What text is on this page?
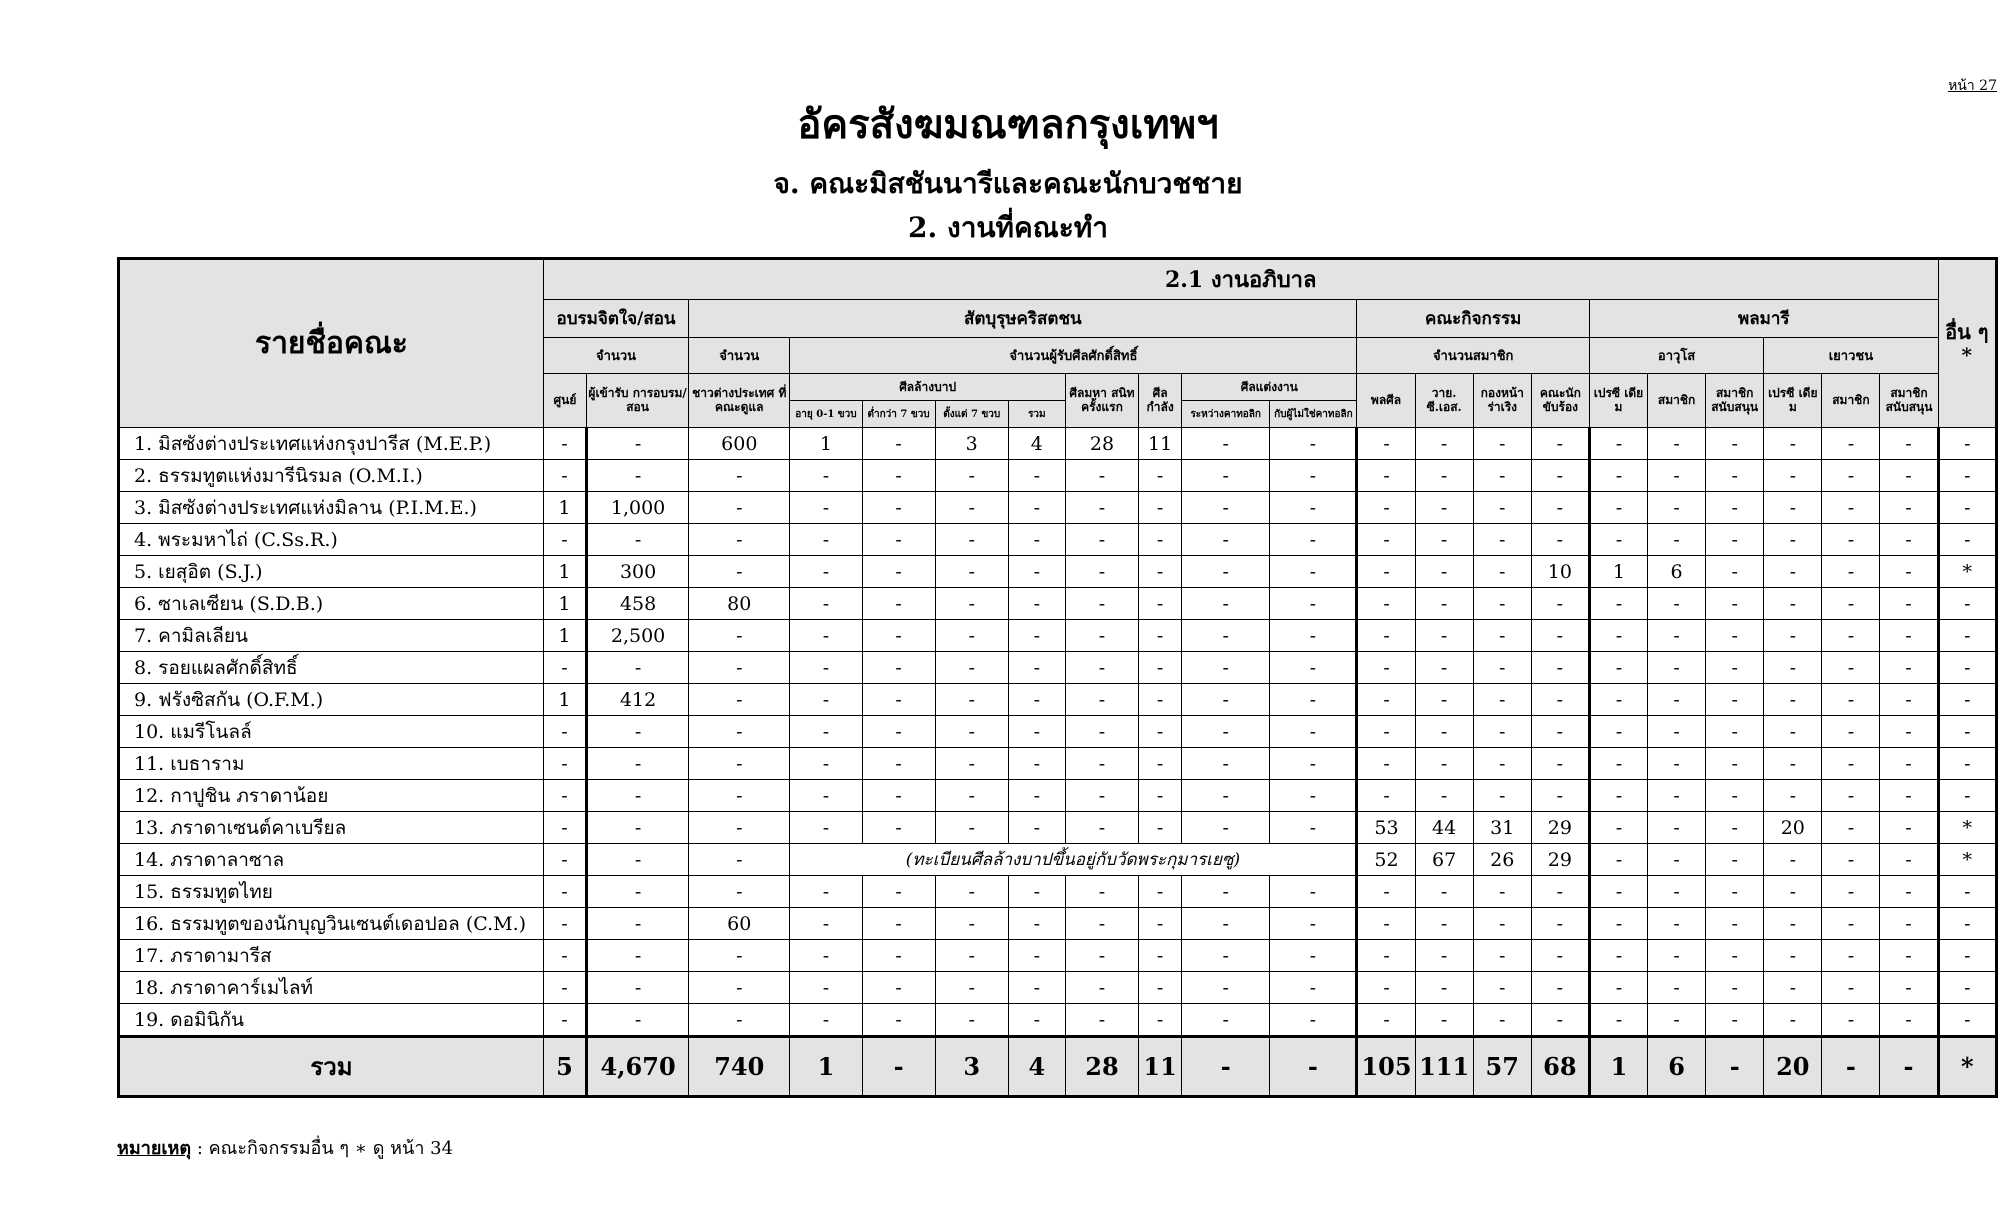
หน้า 27
อัครสังฆมณฑลกรุงเทพฯ
จ. คณะมิสชันนารีและคณะนักบวชชาย
2. งานที่คณะทำ
รายชื่อคณะ	2.1 งานอภิบาล																					อื่น ๆ *
	อบรมจิตใจ/สอน		สัตบุรุษคริสตชน									คณะกิจกรรม				พลมารี						
	จำนวน		จำนวน	จำนวนผู้รับศีลศักดิ์สิทธิ์								จำนวนสมาชิก				อาวุโส			เยาวชน			
	ศูนย์	ผู้เข้ารับ การอบรม/สอน	ชาวต่างประเทศ ที่คณะดูแล	ศีลล้างบาป				ศีลมหา สนิท ครั้งแรก	ศีล กำลัง	ศีลแต่งงาน		พลศีล	วาย. ซี.เอส.	กองหน้า ร่าเริง	คณะนัก ขับร้อง	เปรซี เดียม	สมาชิก	สมาชิก สนับสนุน	เปรซี เดียม	สมาชิก	สมาชิก สนับสนุน	
				อายุ 0-1 ขวบ	ต่ำกว่า 7 ขวบ	ตั้งแต่ 7 ขวบ	รวม			ระหว่างคาทอลิก	กับผู้ไม่ใช่คาทอลิก											
1. มิสซังต่างประเทศแห่งกรุงปารีส (M.E.P.)	-	-	600	1	-	3	4	28	11	-	-	-	-	-	-	-	-	-	-	-	-	-
2. ธรรมทูตแห่งมารีนิรมล (O.M.I.)	-	-	-	-	-	-	-	-	-	-	-	-	-	-	-	-	-	-	-	-	-	-
3. มิสซังต่างประเทศแห่งมิลาน (P.I.M.E.)	1	1,000	-	-	-	-	-	-	-	-	-	-	-	-	-	-	-	-	-	-	-	-
4. พระมหาไถ่ (C.Ss.R.)	-	-	-	-	-	-	-	-	-	-	-	-	-	-	-	-	-	-	-	-	-	-
5. เยสุอิต (S.J.)	1	300	-	-	-	-	-	-	-	-	-	-	-	-	10	1	6	-	-	-	-	*
6. ซาเลเซียน (S.D.B.)	1	458	80	-	-	-	-	-	-	-	-	-	-	-	-	-	-	-	-	-	-	-
7. คามิลเลียน	1	2,500	-	-	-	-	-	-	-	-	-	-	-	-	-	-	-	-	-	-	-	-
8. รอยแผลศักดิ์สิทธิ์	-	-	-	-	-	-	-	-	-	-	-	-	-	-	-	-	-	-	-	-	-	-
9. ฟรังซิสกัน (O.F.M.)	1	412	-	-	-	-	-	-	-	-	-	-	-	-	-	-	-	-	-	-	-	-
10. แมรีโนลล์	-	-	-	-	-	-	-	-	-	-	-	-	-	-	-	-	-	-	-	-	-	-
11. เบธาราม	-	-	-	-	-	-	-	-	-	-	-	-	-	-	-	-	-	-	-	-	-	-
12. กาปูชิน ภราดาน้อย	-	-	-	-	-	-	-	-	-	-	-	-	-	-	-	-	-	-	-	-	-	-
13. ภราดาเซนต์คาเบรียล	-	-	-	-	-	-	-	-	-	-	-	53	44	31	29	-	-	-	20	-	-	*
14. ภราดาลาซาล	-	-	-	(ทะเบียนศีลล้างบาปขึ้นอยู่กับวัดพระกุมารเยซู)								52	67	26	29	-	-	-	-	-	-	*
15. ธรรมทูตไทย	-	-	-	-	-	-	-	-	-	-	-	-	-	-	-	-	-	-	-	-	-	-
16. ธรรมทูตของนักบุญวินเซนต์เดอปอล (C.M.)	-	-	60	-	-	-	-	-	-	-	-	-	-	-	-	-	-	-	-	-	-	-
17. ภราดามารีส	-	-	-	-	-	-	-	-	-	-	-	-	-	-	-	-	-	-	-	-	-	-
18. ภราดาคาร์เมไลท์	-	-	-	-	-	-	-	-	-	-	-	-	-	-	-	-	-	-	-	-	-	-
19. ดอมินิกัน	-	-	-	-	-	-	-	-	-	-	-	-	-	-	-	-	-	-	-	-	-	-
รวม	5	4,670	740	1	-	3	4	28	11	-	-	105	111	57	68	1	6	-	20	-	-	*
หมายเหตุ : คณะกิจกรรมอื่น ๆ ∗ ดู หน้า 34
